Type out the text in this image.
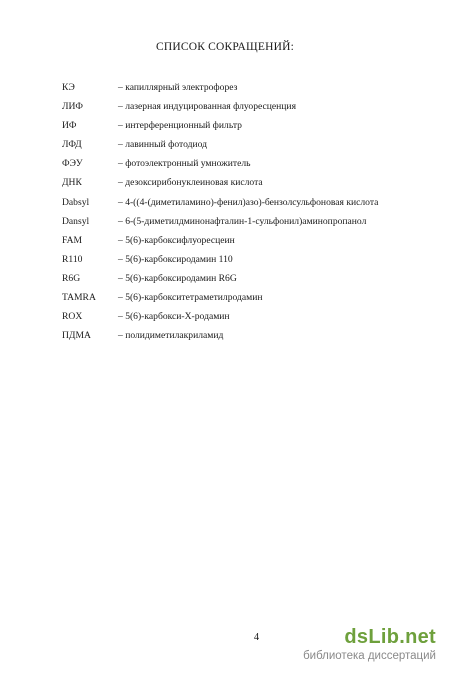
СПИСОК СОКРАЩЕНИЙ:
КЭ	– капиллярный электрофорез
ЛИФ	– лазерная индуцированная флуоресценция
ИФ	– интерференционный фильтр
ЛФД	– лавинный фотодиод
ФЭУ	– фотоэлектронный умножитель
ДНК	– дезоксирибонуклеиновая кислота
Dabsyl	– 4-((4-(диметиламино)-фенил)азо)-бензолсульфоновая кислота
Dansyl	– 6-(5-диметилдминонафталин-1-сульфонил)аминопропанол
FAM	– 5(6)-карбоксифлуоресцеин
R110	– 5(6)-карбоксиродамин 110
R6G	– 5(6)-карбоксиродамин R6G
TAMRA – 5(6)-карбокситетраметилродамин
ROX	– 5(6)-карбокси-Х-родамин
ПДМА	– полидиметилакриламид
4	dsLib.net
библиотека диссертаций
